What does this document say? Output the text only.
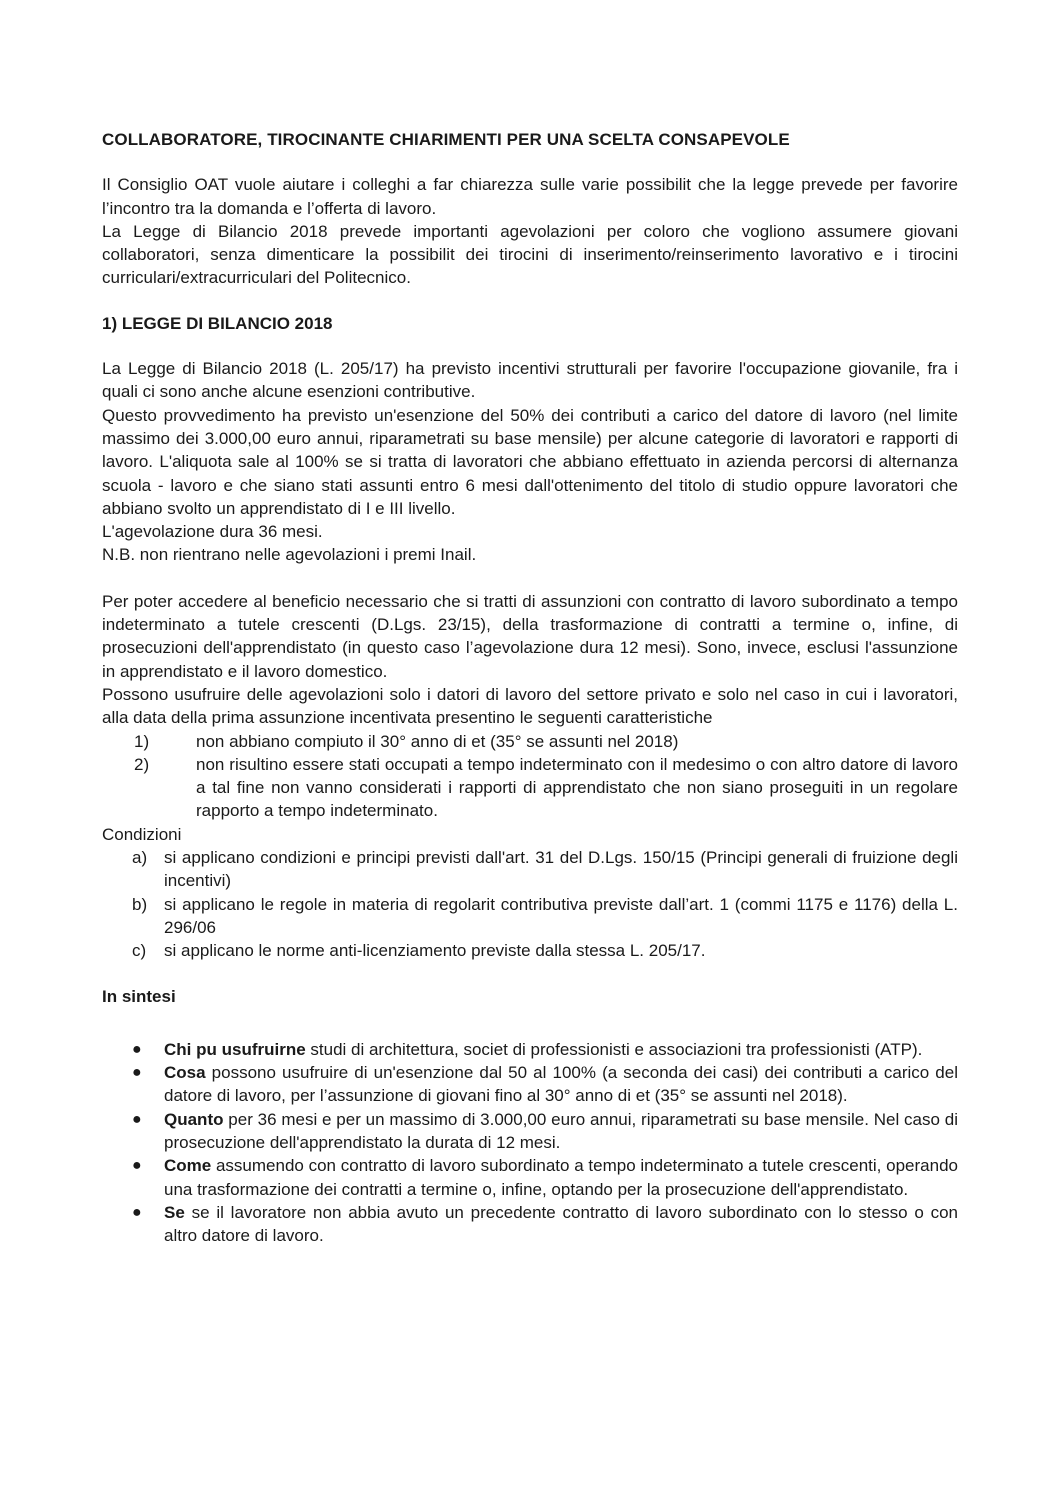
COLLABORATORE, TIROCINANTE CHIARIMENTI PER UNA SCELTA CONSAPEVOLE

Il Consiglio OAT vuole aiutare i colleghi a far chiarezza sulle varie possibilit che la legge prevede per favorire l’incontro tra la domanda e l’offerta di lavoro.

La Legge di Bilancio 2018 prevede importanti agevolazioni per coloro che vogliono assumere giovani collaboratori, senza dimenticare la possibilit dei tirocini di inserimento/reinserimento lavorativo e i tirocini curriculari/extracurriculari del Politecnico.

1) LEGGE DI BILANCIO 2018

La Legge di Bilancio 2018 (L. 205/17) ha previsto incentivi strutturali per favorire l'occupazione giovanile, fra i quali ci sono anche alcune esenzioni contributive.

Questo provvedimento ha previsto un'esenzione del 50% dei contributi a carico del datore di lavoro (nel limite massimo dei 3.000,00 euro annui, riparametrati su base mensile) per alcune categorie di lavoratori e rapporti di lavoro. L'aliquota sale al 100% se si tratta di lavoratori che abbiano effettuato in azienda percorsi di alternanza scuola - lavoro e che siano stati assunti entro 6 mesi dall'ottenimento del titolo di studio oppure lavoratori che abbiano svolto un apprendistato di I e III livello.

L'agevolazione dura 36 mesi.

N.B. non rientrano nelle agevolazioni i premi Inail.

Per poter accedere al beneficio necessario che si tratti di assunzioni con contratto di lavoro subordinato a tempo indeterminato a tutele crescenti (D.Lgs. 23/15), della trasformazione di contratti a termine o, infine, di prosecuzioni dell'apprendistato (in questo caso l’agevolazione dura 12 mesi). Sono, invece, esclusi l'assunzione in apprendistato e il lavoro domestico.

Possono usufruire delle agevolazioni solo i datori di lavoro del settore privato e solo nel caso in cui i lavoratori, alla data della prima assunzione incentivata presentino le seguenti caratteristiche

1)	non abbiano compiuto il 30° anno di et (35° se assunti nel 2018)
2)	non risultino essere stati occupati a tempo indeterminato con il medesimo o con altro datore di lavoro a tal fine non vanno considerati i rapporti di apprendistato che non siano proseguiti in un regolare rapporto a tempo indeterminato.
Condizioni
a) si applicano condizioni e principi previsti dall'art. 31 del D.Lgs. 150/15 (Principi generali di fruizione degli incentivi)
b) si applicano le regole in materia di regolarit contributiva previste dall’art. 1 (commi 1175 e 1176) della L. 296/06
c) si applicano le norme anti-licenziamento previste dalla stessa L. 205/17.
In sintesi
● Chi pu usufruirne studi di architettura, societ di professionisti e associazioni tra professionisti (ATP).
● Cosa possono usufruire di un'esenzione dal 50 al 100% (a seconda dei casi) dei contributi a carico del datore di lavoro, per l’assunzione di giovani fino al 30° anno di et (35° se assunti nel 2018).
● Quanto per 36 mesi e per un massimo di 3.000,00 euro annui, riparametrati su base mensile. Nel caso di prosecuzione dell'apprendistato la durata di 12 mesi.
● Come assumendo con contratto di lavoro subordinato a tempo indeterminato a tutele crescenti, operando una trasformazione dei contratti a termine o, infine, optando per la prosecuzione dell'apprendistato.
● Se se il lavoratore non abbia avuto un precedente contratto di lavoro subordinato con lo stesso o con altro datore di lavoro.
